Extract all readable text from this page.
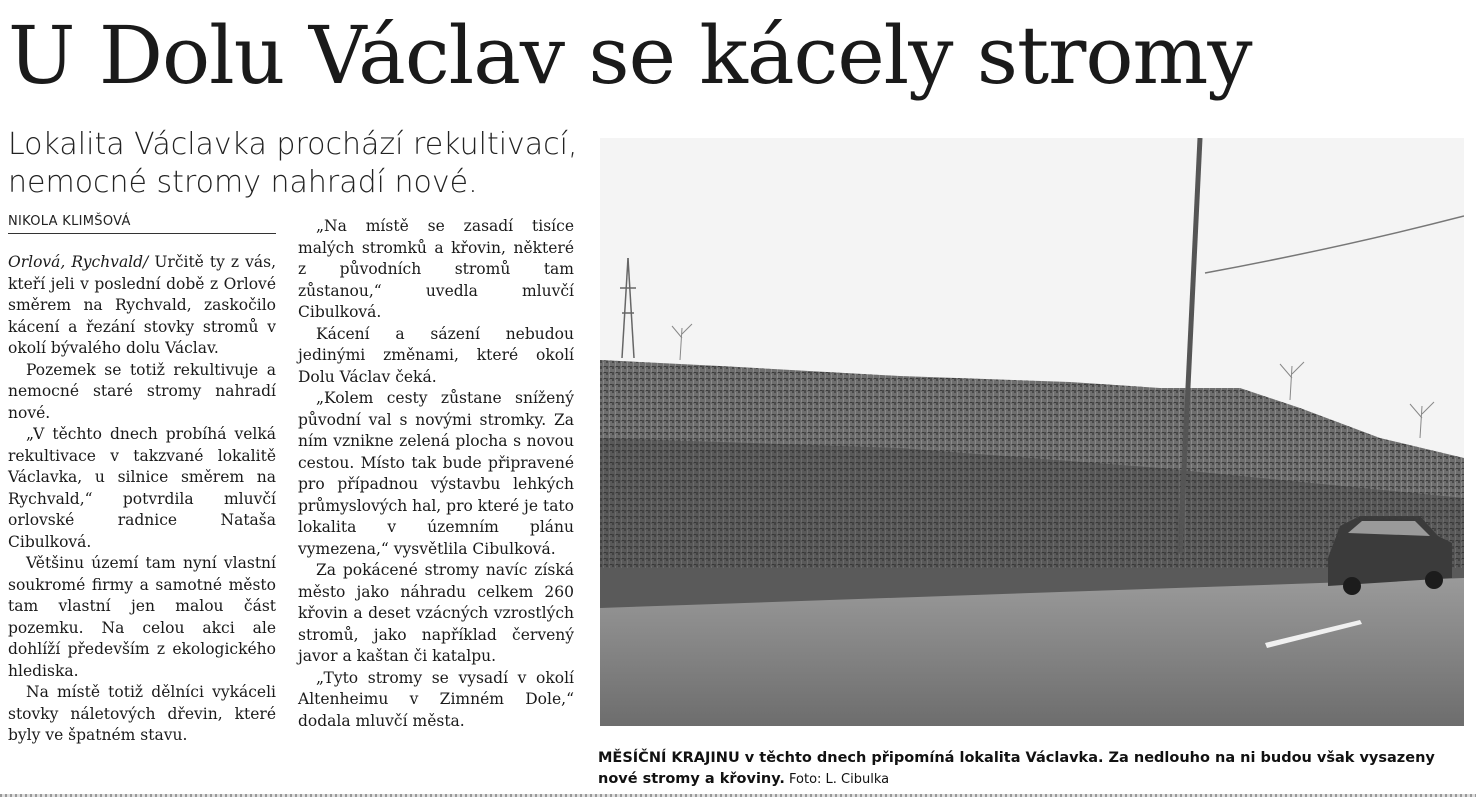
U Dolu Václav se kácely stromy
Lokalita Václavka prochází rekultivací,
nemocné stromy nahradí nové.
NIKOLA KLIMŠOVÁ

Orlová, Rychvald/ Určitě ty z vás, kteří jeli v poslední době z Orlové směrem na Rychvald, zaskočilo kácení a řezání stovky stromů v okolí bývalého dolu Václav.

Pozemek se totiž rekultivuje a nemocné staré stromy nahradí nové.

„V těchto dnech probíhá velká rekultivace v takzvané lokalitě Václavka, u silnice směrem na Rychvald,“ potvrdila mluvčí orlovské radnice Nataša Cibulková.

Většinu území tam nyní vlastní soukromé firmy a samotné město tam vlastní jen malou část pozemku. Na celou akci ale dohlíží především z ekologického hlediska.

Na místě totiž dělníci vykáceli stovky náletových dřevin, které byly ve špatném stavu.

„Na místě se zasadí tisíce malých stromků a křovin, některé z původních stromů tam zůstanou,“ uvedla mluvčí Cibulková.

Kácení a sázení nebudou jedinými změnami, které okolí Dolu Václav čeká.

„Kolem cesty zůstane snížený původní val s novými stromky. Za ním vznikne zelená plocha s novou cestou. Místo tak bude připravené pro případnou výstavbu lehkých průmyslových hal, pro které je tato lokalita v územním plánu vymezena,“ vysvětlila Cibulková.

Za pokácené stromy navíc získá město jako náhradu celkem 260 křovin a deset vzácných vzrostlých stromů, jako například červený javor a kaštan či katalpu.

„Tyto stromy se vysadí v okolí Altenheimu v Zimném Dole,“ dodala mluvčí města.

MĚSÍČNÍ KRAJINU v těchto dnech připomíná lokalita Václavka. Za nedlouho na ni budou však vysazeny nové stromy a křoviny. Foto: L. Cibulka
